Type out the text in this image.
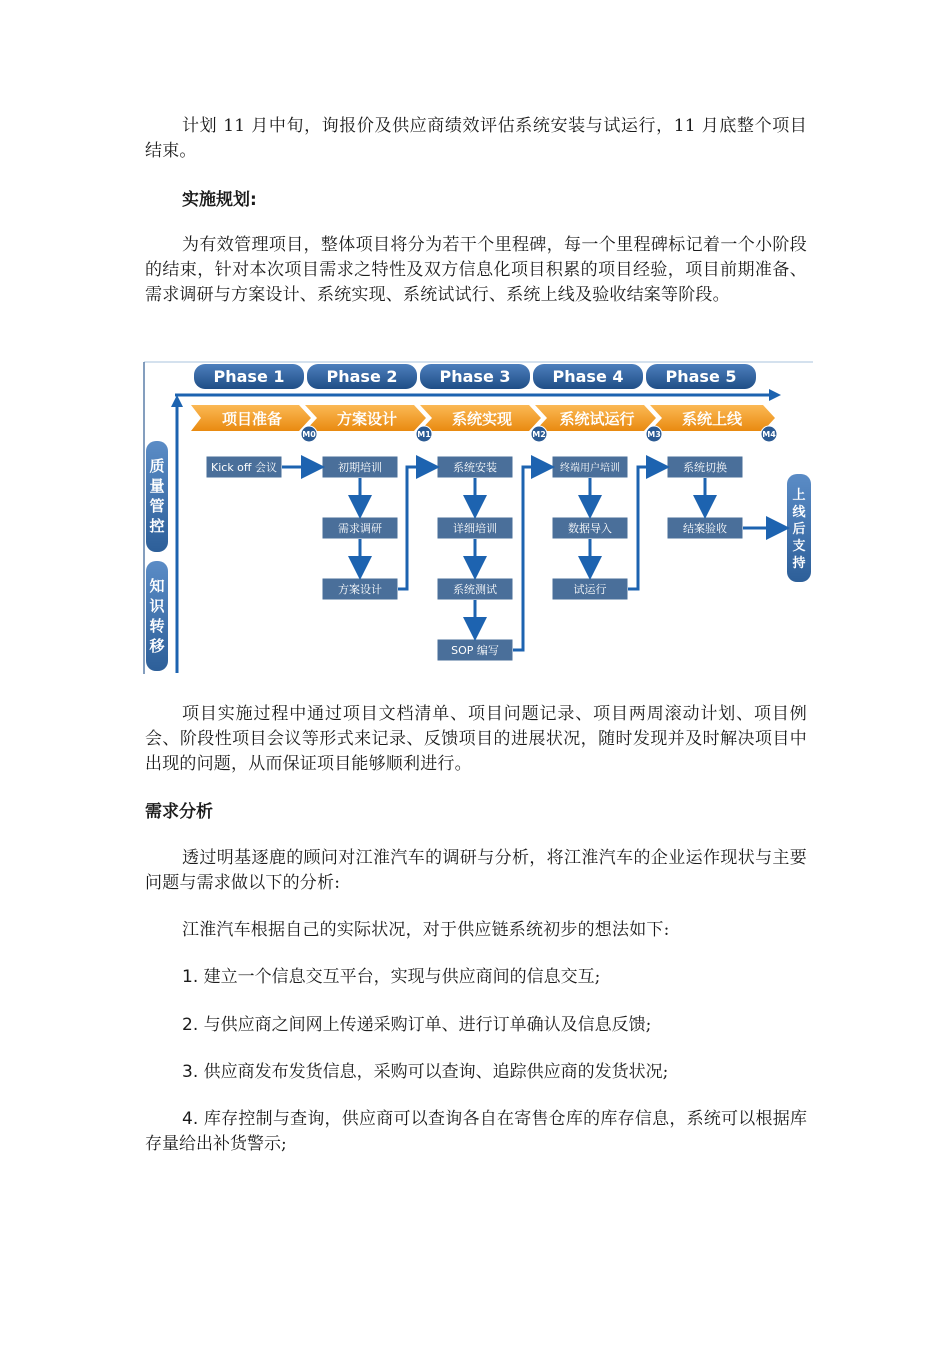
计划 11 月中旬，询报价及供应商绩效评估系统安装与试运行，11 月底整个项目结束。

实施规划:

为有效管理项目，整体项目将分为若干个里程碑，每一个里程碑标记着一个小阶段的结束，针对本次项目需求之特性及双方信息化项目积累的项目经验，项目前期准备、需求调研与方案设计、系统实现、系统试试行、系统上线及验收结案等阶段。

Phase 1	Phase 2	Phase 3	Phase 4	Phase 5
项目准备	方案设计	系统实现	系统试运行	系统上线
M0	M1	M2	M3	M4
质
量
管
控
知
识
转
移
上
线
后
支
持
Kick off 会议	初期培训
需求调研
方案设计
系统安装
详细培训
系统测试
SOP 编写
终端用户培训
数据导入
试运行
系统切换
结案验收

项目实施过程中通过项目文档清单、项目问题记录、项目两周滚动计划、项目例会、阶段性项目会议等形式来记录、反馈项目的进展状况，随时发现并及时解决项目中出现的问题，从而保证项目能够顺利进行。

需求分析

透过明基逐鹿的顾问对江淮汽车的调研与分析，将江淮汽车的企业运作现状与主要问题与需求做以下的分析:

江淮汽车根据自己的实际状况，对于供应链系统初步的想法如下:

1. 建立一个信息交互平台，实现与供应商间的信息交互;

2. 与供应商之间网上传递采购订单、进行订单确认及信息反馈;

3. 供应商发布发货信息，采购可以查询、追踪供应商的发货状况;

4. 库存控制与查询，供应商可以查询各自在寄售仓库的库存信息，系统可以根据库存量给出补货警示;
